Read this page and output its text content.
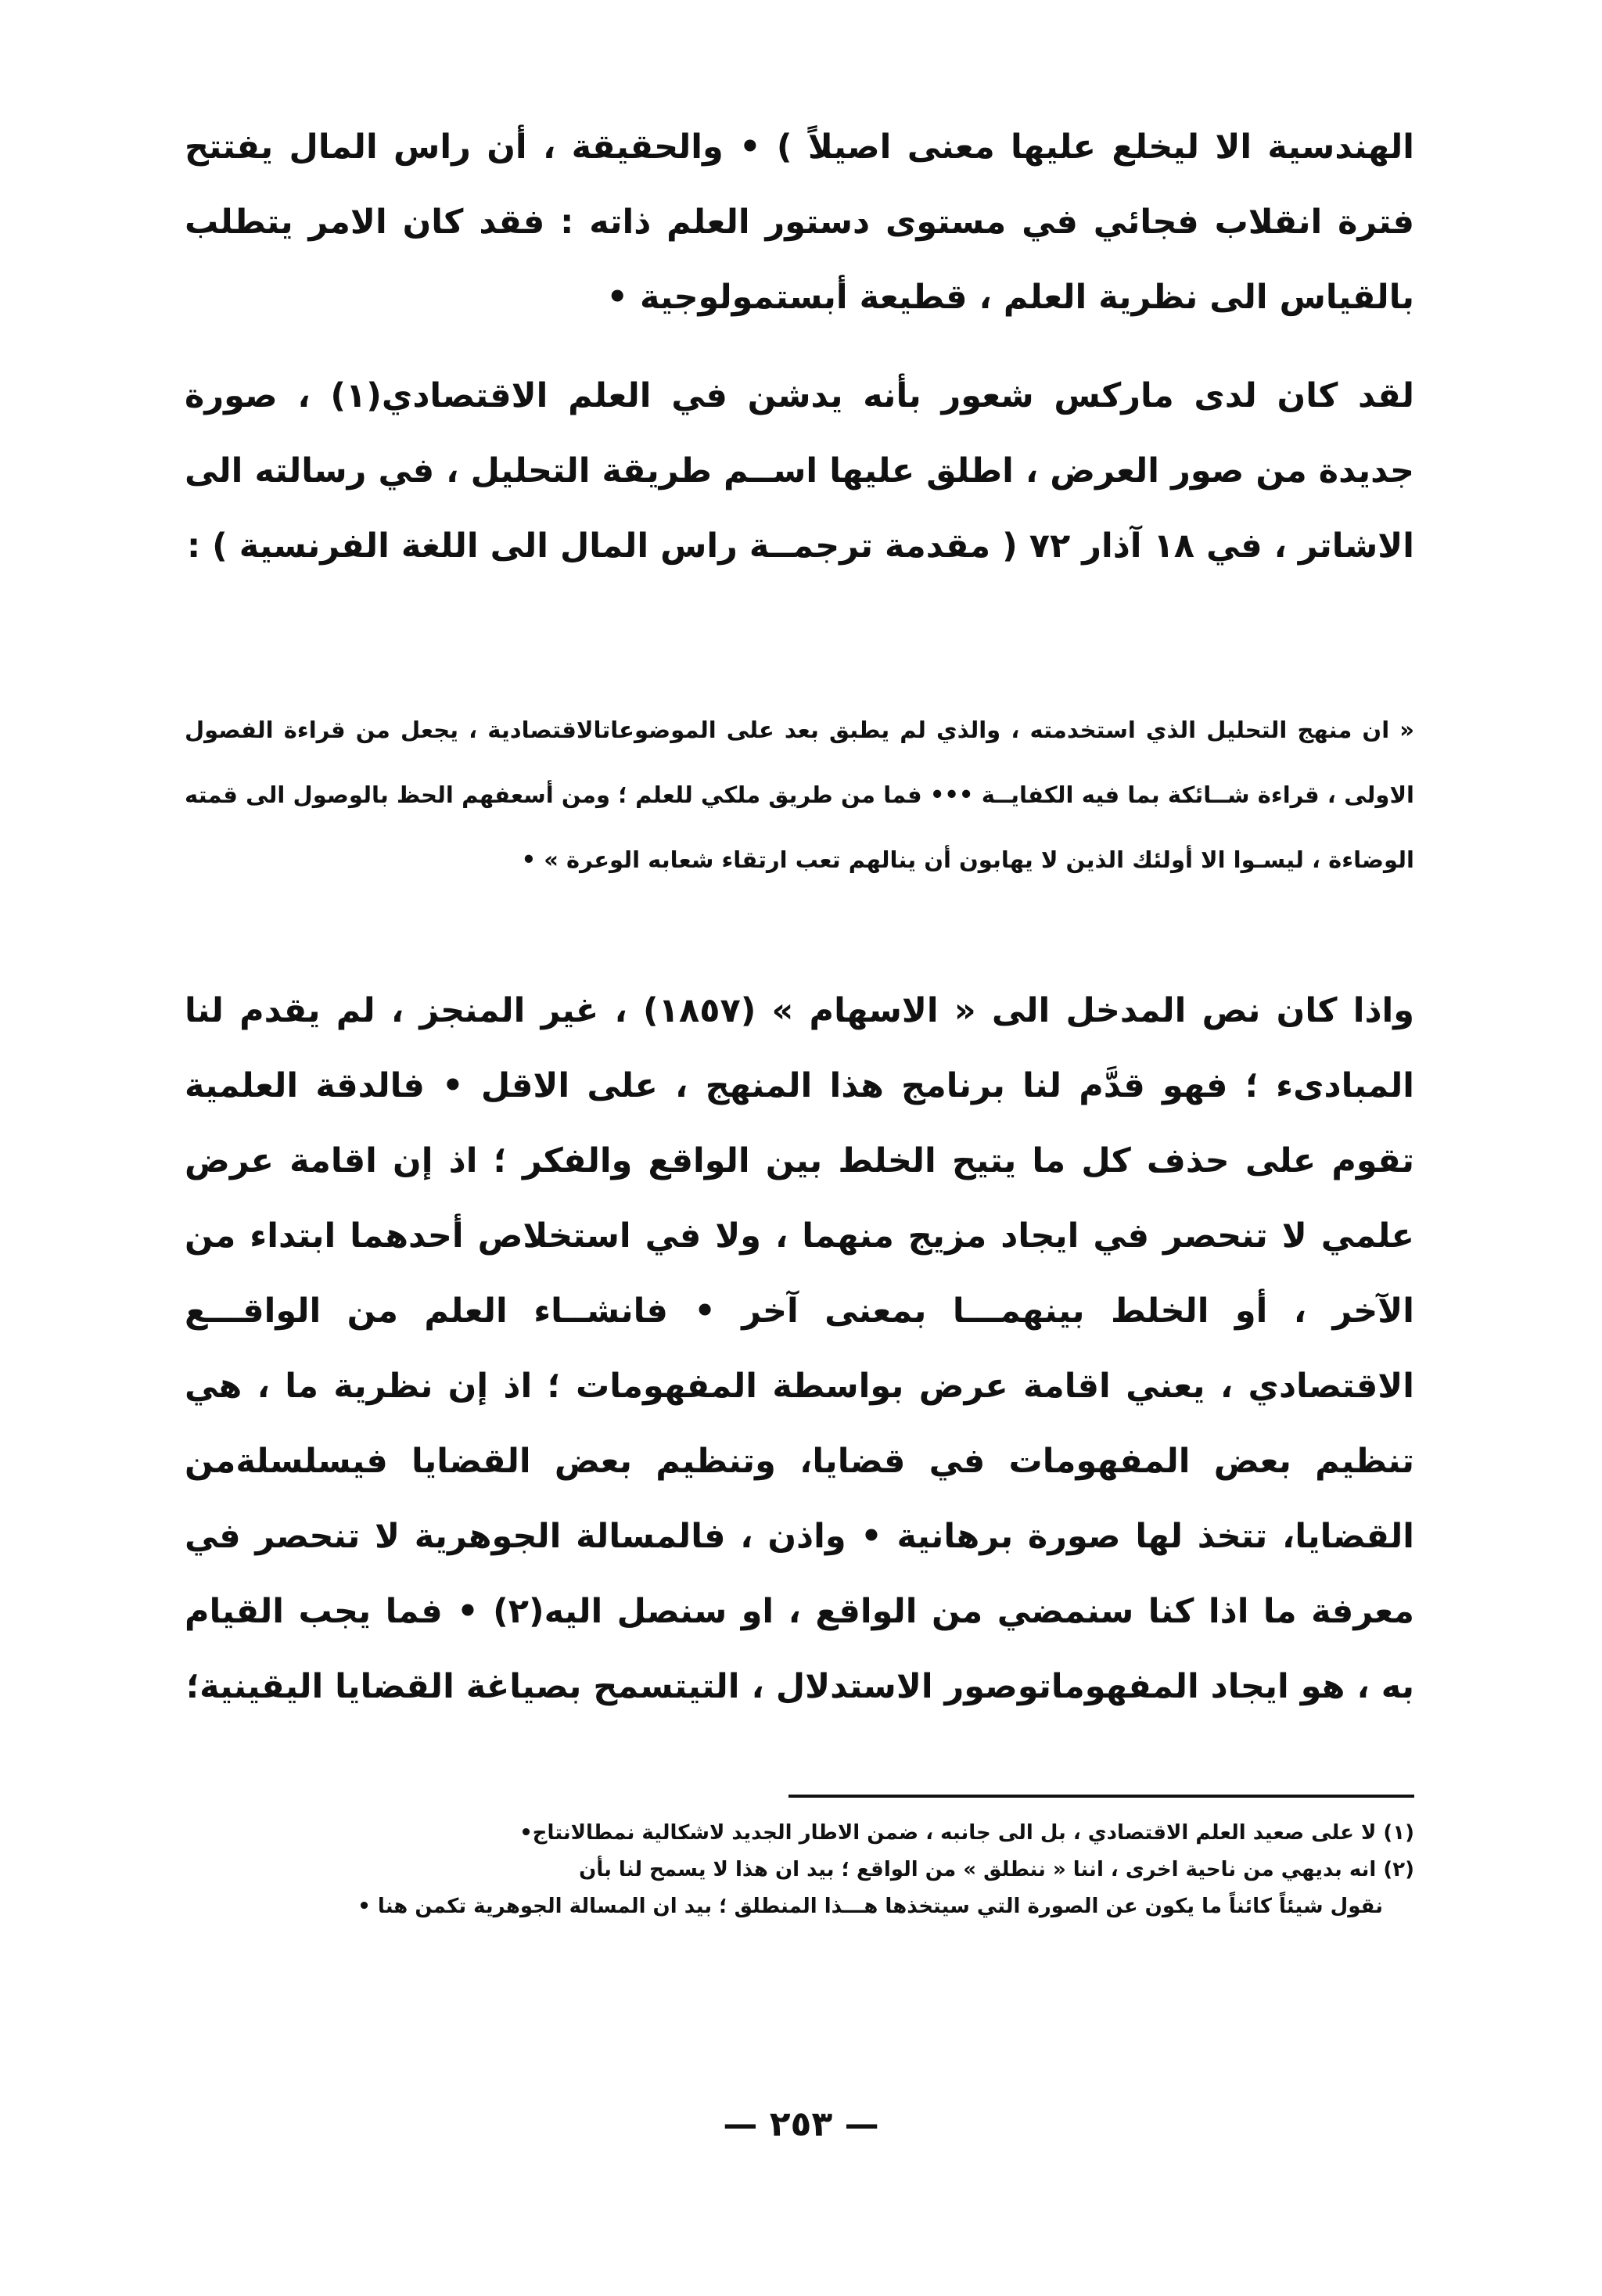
الهندسية الا ليخلع عليها معنى اصيلاً ) • والحقيقة ، أن راس المال يفتتح فترة انقلاب فجائي في مستوى دستور العلم ذاته : فقد كان الامر يتطلب بالقياس الى نظرية العلم ، قطيعة أبستمولوجية •

لقد كان لدى ماركس شعور بأنه يدشن في العلم الاقتصادي(١) ، صورة جديدة من صور العرض ، اطلق عليها اســم طريقة التحليل ، في رسالته الى الاشاتر ، في ١٨ آذار ٧٢ ( مقدمة ترجمــة راس المال الى اللغة الفرنسية ) :

« ان منهج التحليل الذي استخدمته ، والذي لم يطبق بعد على الموضوعاتالاقتصادية ، يجعل من قراءة الفصول الاولى ، قراءة شــائكة بما فيه الكفايــة ••• فما من طريق ملكي للعلم ؛ ومن أسعفهم الحظ بالوصول الى قمته الوضاءة ، ليسـوا الا أولئك الذين لا يهابون أن ينالهم تعب ارتقاء شعابه الوعرة » •

واذا كان نص المدخل الى « الاسهام » (١٨٥٧) ، غير المنجز ، لم يقدم لنا المبادىء ؛ فهو قدَّم لنا برنامج هذا المنهج ، على الاقل • فالدقة العلمية تقوم على حذف كل ما يتيح الخلط بين الواقع والفكر ؛ اذ إن اقامة عرض علمي لا تنحصر في ايجاد مزيج منهما ، ولا في استخلاص أحدهما ابتداء من الآخر ، أو الخلط بينهمـــا بمعنى آخر • فانشــاء العلم من الواقـــع الاقتصادي ، يعني اقامة عرض بواسطة المفهومات ؛ اذ إن نظرية ما ، هي تنظيم بعض المفهومات في قضايا، وتنظيم بعض القضايا فيسلسلةمن القضايا، تتخذ لها صورة برهانية • واذن ، فالمسالة الجوهرية لا تنحصر في معرفة ما اذا كنا سنمضي من الواقع ، او سنصل اليه(٢) • فما يجب القيام به ، هو ايجاد المفهوماتوصور الاستدلال ، التيتسمح بصياغة القضايا اليقينية؛

(١) لا على صعيد العلم الاقتصادي ، بل الى جانبه ، ضمن الاطار الجديد لاشكالية نمطالانتاج•

(٢) انه بديهي من ناحية اخرى ، اننا « ننطلق » من الواقع ؛ بيد ان هذا لا يسمح لنا بأن

نقول شيئاً كائناً ما يكون عن الصورة التي سيتخذها هـــذا المنطلق ؛ بيد ان المسالة الجوهرية تكمن هنا •

— ٢٥٣ —
